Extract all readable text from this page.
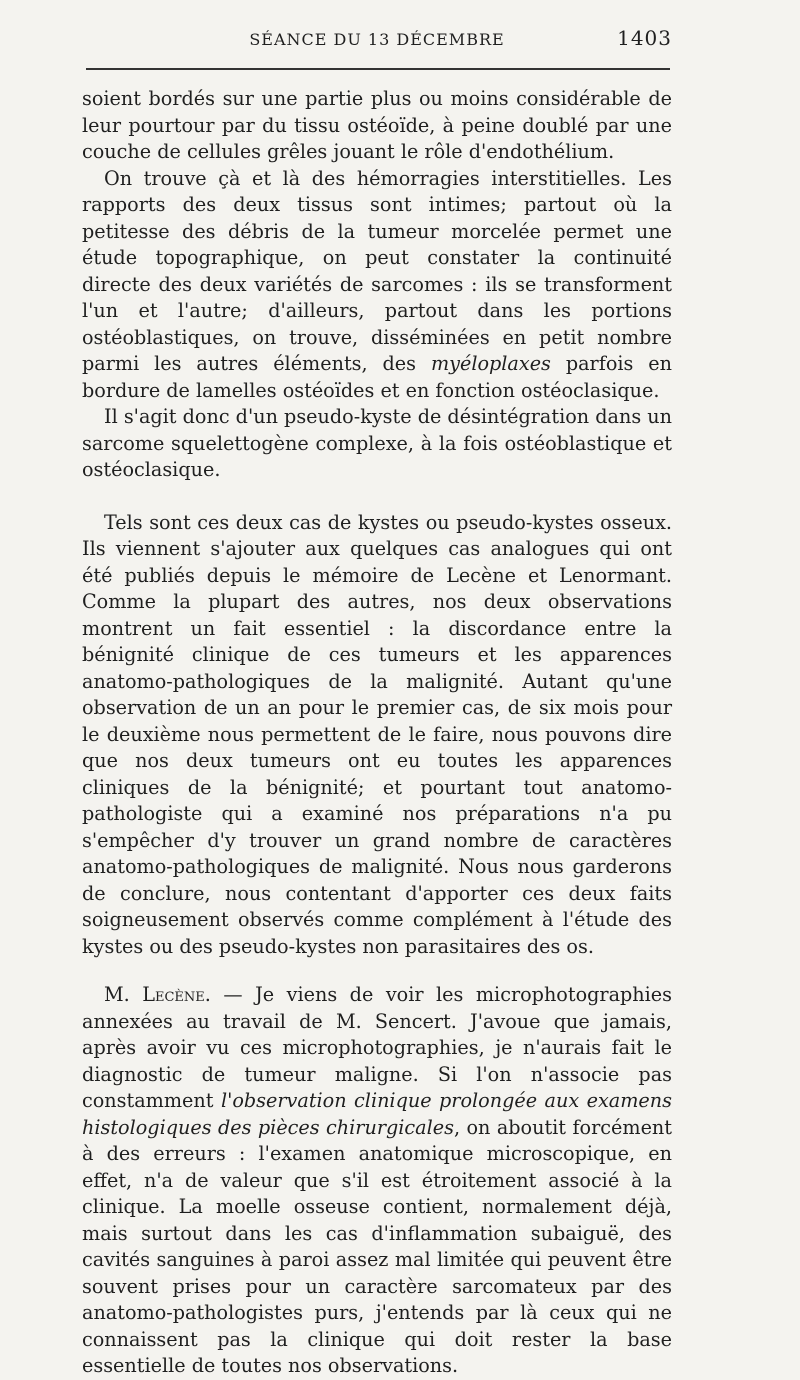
SÉANCE DU 13 DÉCEMBRE	1403

soient bordés sur une partie plus ou moins considérable de leur pourtour par du tissu ostéoïde, à peine doublé par une couche de cellules grêles jouant le rôle d'endothélium.

On trouve çà et là des hémorragies interstitielles. Les rapports des deux tissus sont intimes; partout où la petitesse des débris de la tumeur morcelée permet une étude topographique, on peut constater la continuité directe des deux variétés de sarcomes : ils se transforment l'un et l'autre; d'ailleurs, partout dans les portions ostéoblastiques, on trouve, disséminées en petit nombre parmi les autres éléments, des myéloplaxes parfois en bordure de lamelles ostéoïdes et en fonction ostéoclasique.

Il s'agit donc d'un pseudo-kyste de désintégration dans un sarcome squelettogène complexe, à la fois ostéoblastique et ostéoclasique.

Tels sont ces deux cas de kystes ou pseudo-kystes osseux. Ils viennent s'ajouter aux quelques cas analogues qui ont été publiés depuis le mémoire de Lecène et Lenormant. Comme la plupart des autres, nos deux observations montrent un fait essentiel : la discordance entre la bénignité clinique de ces tumeurs et les apparences anatomo-pathologiques de la malignité. Autant qu'une observation de un an pour le premier cas, de six mois pour le deuxième nous permettent de le faire, nous pouvons dire que nos deux tumeurs ont eu toutes les apparences cliniques de la bénignité; et pourtant tout anatomo-pathologiste qui a examiné nos préparations n'a pu s'empêcher d'y trouver un grand nombre de caractères anatomo-pathologiques de malignité. Nous nous garderons de conclure, nous contentant d'apporter ces deux faits soigneusement observés comme complément à l'étude des kystes ou des pseudo-kystes non parasitaires des os.

M. Lecène. — Je viens de voir les microphotographies annexées au travail de M. Sencert. J'avoue que jamais, après avoir vu ces microphotographies, je n'aurais fait le diagnostic de tumeur maligne. Si l'on n'associe pas constamment l'observation clinique prolongée aux examens histologiques des pièces chirurgicales, on aboutit forcément à des erreurs : l'examen anatomique microscopique, en effet, n'a de valeur que s'il est étroitement associé à la clinique. La moelle osseuse contient, normalement déjà, mais surtout dans les cas d'inflammation subaiguë, des cavités sanguines à paroi assez mal limitée qui peuvent être souvent prises pour un caractère sarcomateux par des anatomo-pathologistes purs, j'entends par là ceux qui ne connaissent pas la clinique qui doit rester la base essentielle de toutes nos observations.
